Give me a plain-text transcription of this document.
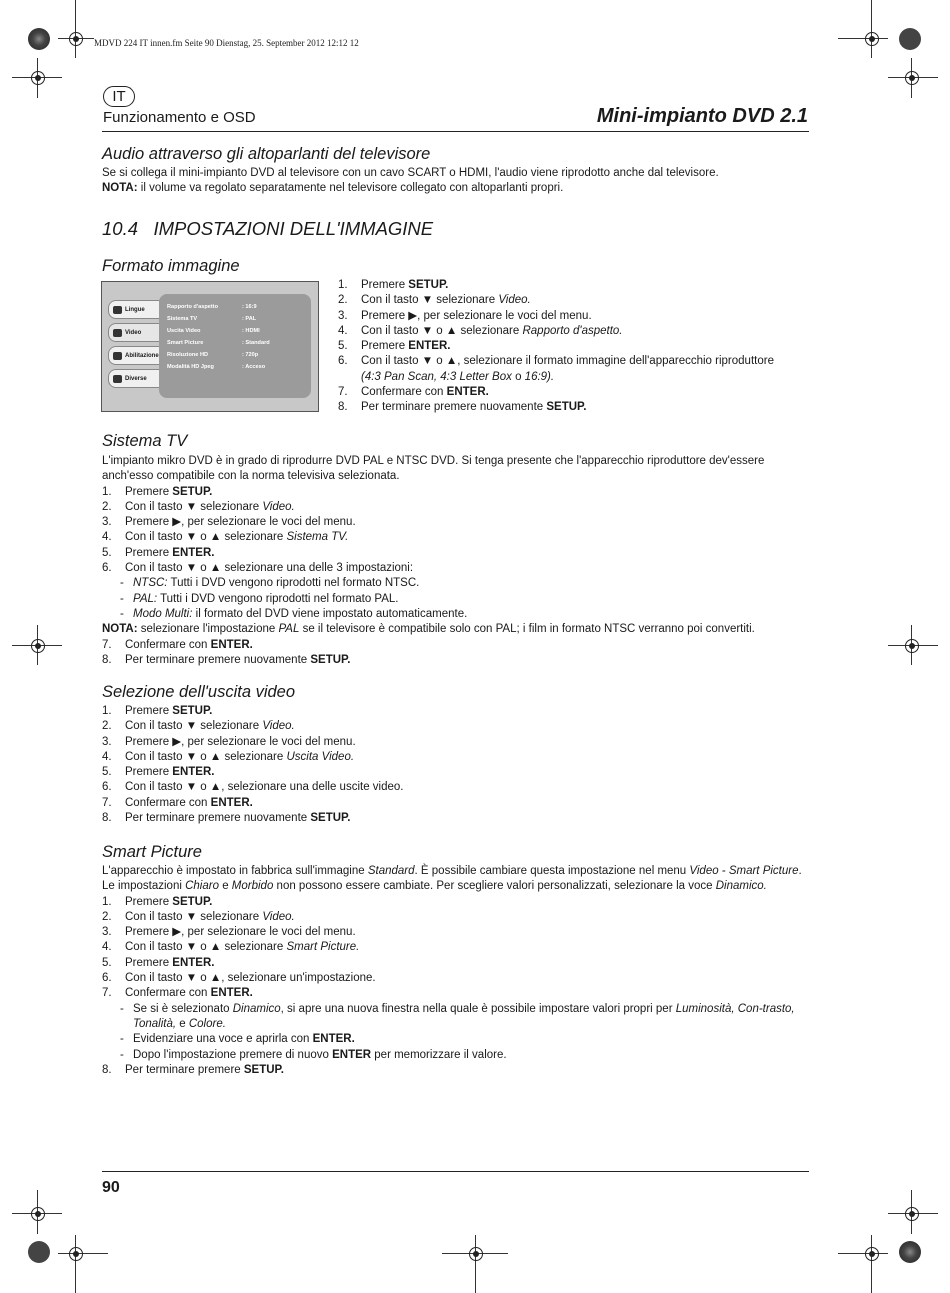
MDVD 224 IT innen.fm Seite 90 Dienstag, 25. September 2012 12:12 12
IT
Funzionamento e OSD	Mini-impianto DVD 2.1
Audio attraverso gli altoparlanti del televisore
Se si collega il mini-impianto DVD al televisore con un cavo SCART o HDMI, l'audio viene riprodotto anche dal televisore.
NOTA: il volume va regolato separatamente nel televisore collegato con altoparlanti propri.
10.4 IMPOSTAZIONI DELL'IMMAGINE
Formato immagine
Lingue
Video
Abilitazione
Diverse
Rapporto d'aspetto	: 16:9
Sistema TV	: PAL
Uscita Video	: HDMI
Smart Picture	: Standard
Risoluzione HD	: 720p
Modalità HD Jpeg	: Acceso
1. Premere SETUP.
2. Con il tasto ▼ selezionare Video.
3. Premere ▶, per selezionare le voci del menu.
4. Con il tasto ▼ o ▲ selezionare Rapporto d'aspetto.
5. Premere ENTER.
6. Con il tasto ▼ o ▲, selezionare il formato immagine dell'apparecchio riproduttore
(4:3 Pan Scan, 4:3 Letter Box o 16:9).
7. Confermare con ENTER.
8. Per terminare premere nuovamente SETUP.
Sistema TV
L'impianto mikro DVD è in grado di riprodurre DVD PAL e NTSC DVD. Si tenga presente che l'apparecchio riproduttore dev'essere anch'esso compatibile con la norma televisiva selezionata.
1. Premere SETUP.
2. Con il tasto ▼ selezionare Video.
3. Premere ▶, per selezionare le voci del menu.
4. Con il tasto ▼ o ▲ selezionare Sistema TV.
5. Premere ENTER.
6. Con il tasto ▼ o ▲ selezionare una delle 3 impostazioni:
- NTSC: Tutti i DVD vengono riprodotti nel formato NTSC.
- PAL: Tutti i DVD vengono riprodotti nel formato PAL.
- Modo Multi: il formato del DVD viene impostato automaticamente.
NOTA: selezionare l'impostazione PAL se il televisore è compatibile solo con PAL; i film in formato NTSC verranno poi convertiti.
7. Confermare con ENTER.
8. Per terminare premere nuovamente SETUP.
Selezione dell'uscita video
1. Premere SETUP.
2. Con il tasto ▼ selezionare Video.
3. Premere ▶, per selezionare le voci del menu.
4. Con il tasto ▼ o ▲ selezionare Uscita Video.
5. Premere ENTER.
6. Con il tasto ▼ o ▲, selezionare una delle uscite video.
7. Confermare con ENTER.
8. Per terminare premere nuovamente SETUP.
Smart Picture
L'apparecchio è impostato in fabbrica sull'immagine Standard. È possibile cambiare questa impostazione nel menu Video - Smart Picture. Le impostazioni Chiaro e Morbido non possono essere cambiate. Per scegliere valori personalizzati, selezionare la voce Dinamico.
1. Premere SETUP.
2. Con il tasto ▼ selezionare Video.
3. Premere ▶, per selezionare le voci del menu.
4. Con il tasto ▼ o ▲ selezionare Smart Picture.
5. Premere ENTER.
6. Con il tasto ▼ o ▲, selezionare un'impostazione.
7. Confermare con ENTER.
- Se si è selezionato Dinamico, si apre una nuova finestra nella quale è possibile impostare valori propri per Luminosità, Con-trasto, Tonalità, e Colore.
- Evidenziare una voce e aprirla con ENTER.
- Dopo l'impostazione premere di nuovo ENTER per memorizzare il valore.
8. Per terminare premere SETUP.
90
